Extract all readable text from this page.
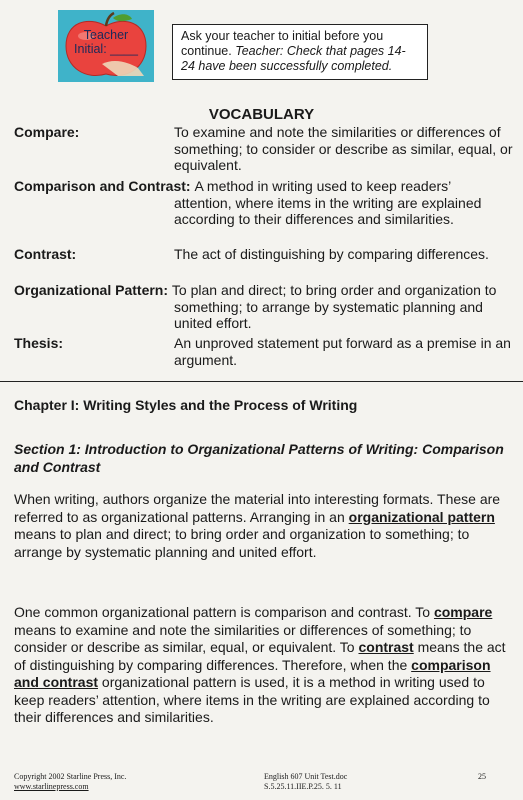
Teacher Initial: ____
Ask your teacher to initial before you continue. Teacher: Check that pages 14-24 have been successfully completed.
VOCABULARY
Compare:	To examine and note the similarities or differences of something; to consider or describe as similar, equal, or equivalent.
Comparison and Contrast: A method in writing used to keep readers’ attention, where items in the writing are explained according to their differences and similarities.
Contrast:	The act of distinguishing by comparing differences.
Organizational Pattern: To plan and direct; to bring order and organization to something; to arrange by systematic planning and united effort.
Thesis:	An unproved statement put forward as a premise in an argument.
Chapter I: Writing Styles and the Process of Writing
Section 1: Introduction to Organizational Patterns of Writing: Comparison and Contrast
When writing, authors organize the material into interesting formats. These are referred to as organizational patterns. Arranging in an organizational pattern means to plan and direct; to bring order and organization to something; to arrange by systematic planning and united effort.
One common organizational pattern is comparison and contrast. To compare means to examine and note the similarities or differences of something; to consider or describe as similar, equal, or equivalent. To contrast means the act of distinguishing by comparing differences. Therefore, when the comparison and contrast organizational pattern is used, it is a method in writing used to keep readers’ attention, where items in the writing are explained according to their differences and similarities.
Copyright 2002 Starline Press, Inc.
www.starlinepress.com
English 607 Unit Test.doc
S.5.25.11.IIE.P.25. 5. 11
25
